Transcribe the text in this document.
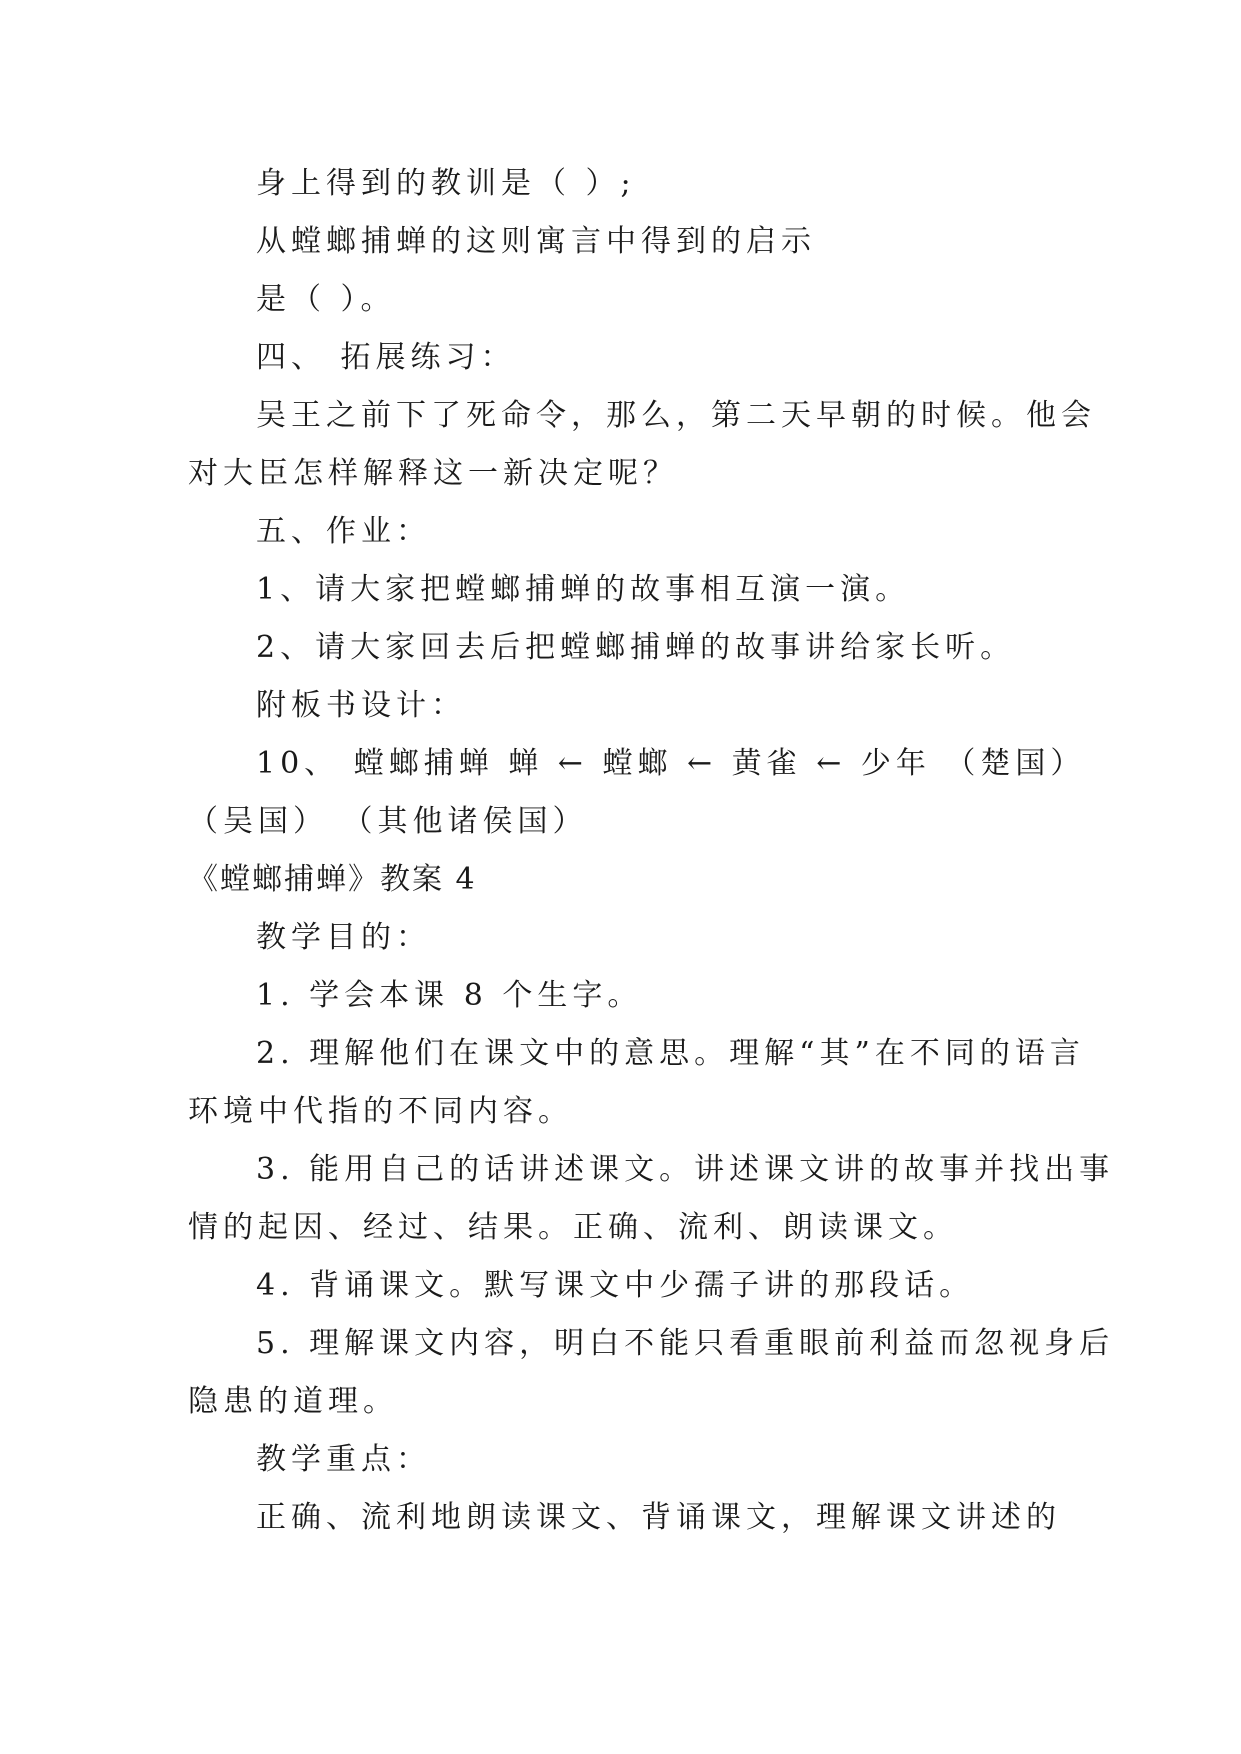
身上得到的教训是（ ）;
从螳螂捕蝉的这则寓言中得到的启示
是（ ）。
四、 拓展练习：
吴王之前下了死命令，那么，第二天早朝的时候。他会
对大臣怎样解释这一新决定呢？
五、作业：
1、请大家把螳螂捕蝉的故事相互演一演。
2、请大家回去后把螳螂捕蝉的故事讲给家长听。
附板书设计：
10、 螳螂捕蝉 蝉 ← 螳螂 ← 黄雀 ← 少年 （楚国）
（吴国） （其他诸侯国）
《螳螂捕蝉》教案 4
教学目的：
1. 学会本课 8 个生字。
2. 理解他们在课文中的意思。理解“其”在不同的语言
环境中代指的不同内容。
3. 能用自己的话讲述课文。讲述课文讲的故事并找出事
情的起因、经过、结果。正确、流利、朗读课文。
4. 背诵课文。默写课文中少孺子讲的那段话。
5. 理解课文内容，明白不能只看重眼前利益而忽视身后
隐患的道理。
教学重点：
正确、流利地朗读课文、背诵课文，理解课文讲述的
